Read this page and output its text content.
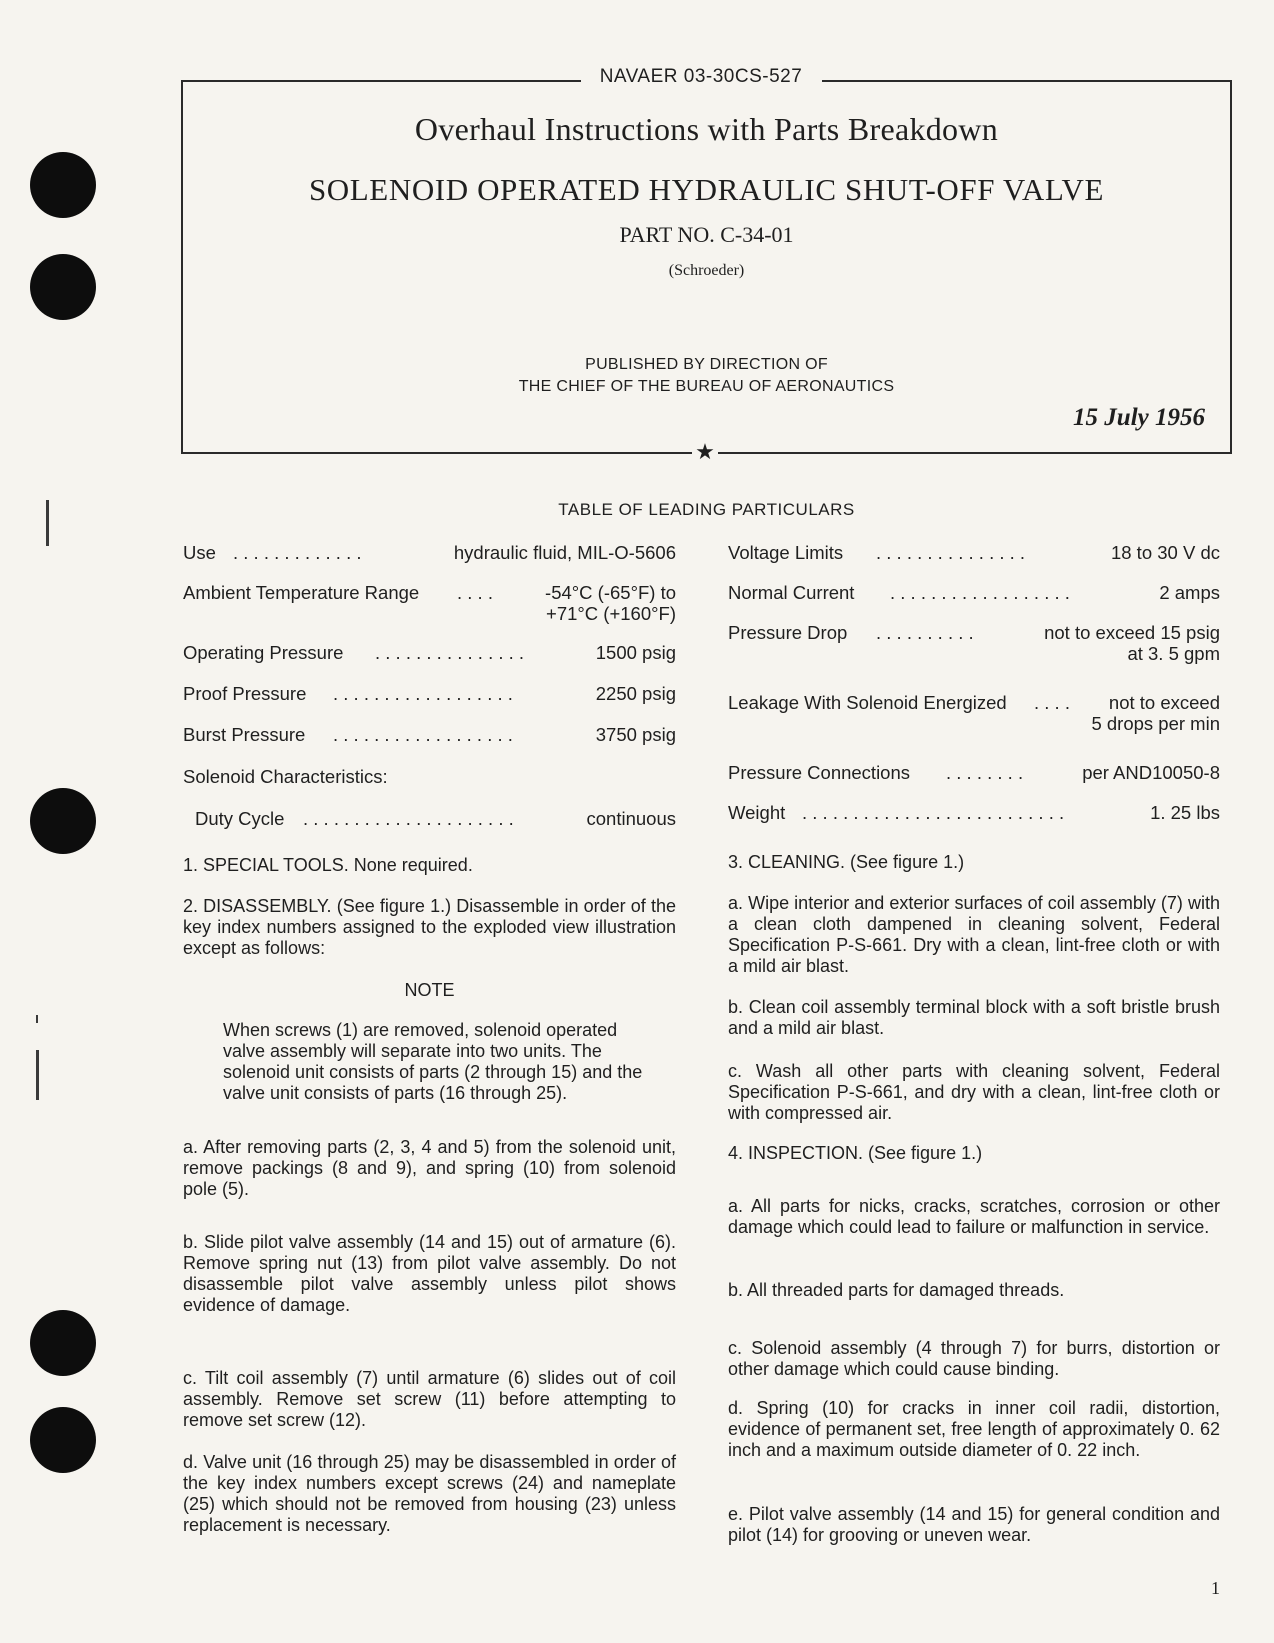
NAVAER 03-30CS-527
★
Overhaul Instructions with Parts Breakdown
SOLENOID OPERATED HYDRAULIC SHUT-OFF VALVE
PART NO. C-34-01
(Schroeder)
PUBLISHED BY DIRECTION OF
THE CHIEF OF THE BUREAU OF AERONAUTICS
15 July 1956
TABLE OF LEADING PARTICULARS
Use . . . . . . . . . . . . .	hydraulic fluid, MIL-O-5606
Ambient Temperature Range . . . .	-54°C (-65°F) to
+71°C (+160°F)
Operating Pressure . . . . . . . . . . . . . . .	1500 psig
Proof Pressure . . . . . . . . . . . . . . . . . .	2250 psig
Burst Pressure . . . . . . . . . . . . . . . . . .	3750 psig
Solenoid Characteristics:
Duty Cycle . . . . . . . . . . . . . . . . . . . . .	continuous
Voltage Limits . . . . . . . . . . . . . . .	18 to 30 V dc
Normal Current . . . . . . . . . . . . . . . . . .	2 amps
Pressure Drop . . . . . . . . . .	not to exceed 15 psig
at 3. 5 gpm
Leakage With Solenoid Energized . . . . not to exceed
5 drops per min
Pressure Connections . . . . . . . .	per AND10050-8
Weight . . . . . . . . . . . . . . . . . . . . . . . . . .	1. 25 lbs

1. SPECIAL TOOLS. None required.

2. DISASSEMBLY. (See figure 1.) Disassemble in order of the key index numbers assigned to the exploded view illustration except as follows:

NOTE

When screws (1) are removed, solenoid operated valve assembly will separate into two units. The solenoid unit consists of parts (2 through 15) and the valve unit consists of parts (16 through 25).

a. After removing parts (2, 3, 4 and 5) from the solenoid unit, remove packings (8 and 9), and spring (10) from solenoid pole (5).

b. Slide pilot valve assembly (14 and 15) out of armature (6). Remove spring nut (13) from pilot valve assembly. Do not disassemble pilot valve assembly unless pilot shows evidence of damage.

c. Tilt coil assembly (7) until armature (6) slides out of coil assembly. Remove set screw (11) before attempting to remove set screw (12).

d. Valve unit (16 through 25) may be disassembled in order of the key index numbers except screws (24) and nameplate (25) which should not be removed from housing (23) unless replacement is necessary.

3. CLEANING. (See figure 1.)

a. Wipe interior and exterior surfaces of coil assembly (7) with a clean cloth dampened in cleaning solvent, Federal Specification P-S-661. Dry with a clean, lint-free cloth or with a mild air blast.

b. Clean coil assembly terminal block with a soft bristle brush and a mild air blast.

c. Wash all other parts with cleaning solvent, Federal Specification P-S-661, and dry with a clean, lint-free cloth or with compressed air.

4. INSPECTION. (See figure 1.)

a. All parts for nicks, cracks, scratches, corrosion or other damage which could lead to failure or malfunction in service.

b. All threaded parts for damaged threads.

c. Solenoid assembly (4 through 7) for burrs, distortion or other damage which could cause binding.

d. Spring (10) for cracks in inner coil radii, distortion, evidence of permanent set, free length of approximately 0. 62 inch and a maximum outside diameter of 0. 22 inch.

e. Pilot valve assembly (14 and 15) for general condition and pilot (14) for grooving or uneven wear.

1
